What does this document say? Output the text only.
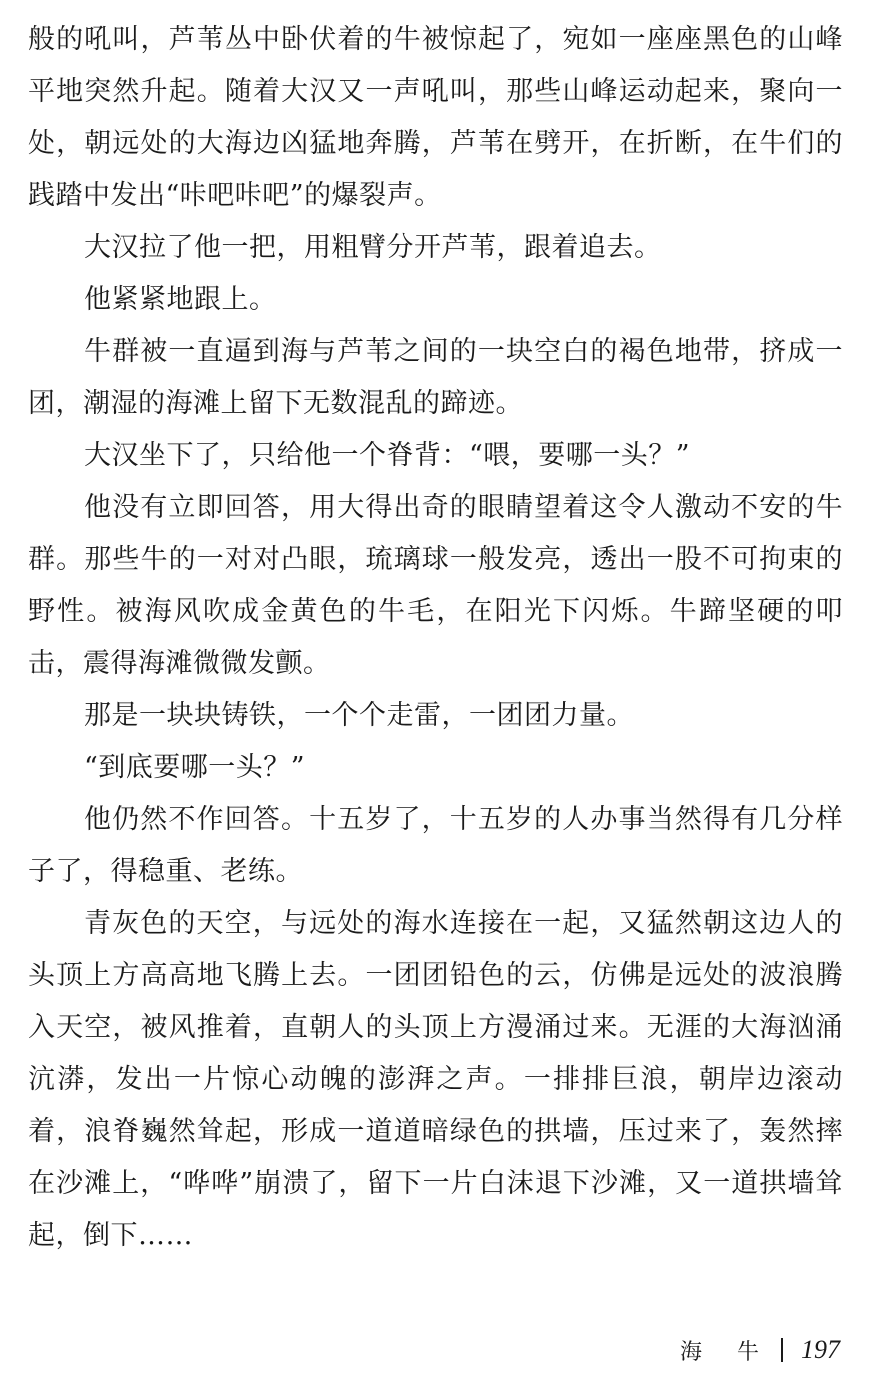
般的吼叫，芦苇丛中卧伏着的牛被惊起了，宛如一座座黑色的山峰平地突然升起。随着大汉又一声吼叫，那些山峰运动起来，聚向一处，朝远处的大海边凶猛地奔腾，芦苇在劈开，在折断，在牛们的践踏中发出“咔吧咔吧”的爆裂声。

大汉拉了他一把，用粗臂分开芦苇，跟着追去。

他紧紧地跟上。

牛群被一直逼到海与芦苇之间的一块空白的褐色地带，挤成一团，潮湿的海滩上留下无数混乱的蹄迹。

大汉坐下了，只给他一个脊背：“喂，要哪一头？”

他没有立即回答，用大得出奇的眼睛望着这令人激动不安的牛群。那些牛的一对对凸眼，琉璃球一般发亮，透出一股不可拘束的野性。被海风吹成金黄色的牛毛，在阳光下闪烁。牛蹄坚硬的叩击，震得海滩微微发颤。

那是一块块铸铁，一个个走雷，一团团力量。

“到底要哪一头？”

他仍然不作回答。十五岁了，十五岁的人办事当然得有几分样子了，得稳重、老练。

青灰色的天空，与远处的海水连接在一起，又猛然朝这边人的头顶上方高高地飞腾上去。一团团铅色的云，仿佛是远处的波浪腾入天空，被风推着，直朝人的头顶上方漫涌过来。无涯的大海汹涌沆漭，发出一片惊心动魄的澎湃之声。一排排巨浪，朝岸边滚动着，浪脊巍然耸起，形成一道道暗绿色的拱墙，压过来了，轰然摔在沙滩上，“哗哗”崩溃了，留下一片白沫退下沙滩，又一道拱墙耸起，倒下……

海 牛 197
